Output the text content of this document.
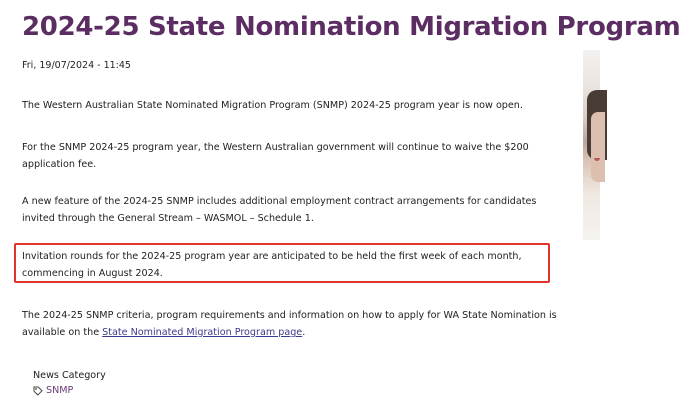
2024-25 State Nomination Migration Program
Fri, 19/07/2024 - 11:45

The Western Australian State Nominated Migration Program (SNMP) 2024-25 program year is now open.

For the SNMP 2024-25 program year, the Western Australian government will continue to waive the $200 application fee.

A new feature of the 2024-25 SNMP includes additional employment contract arrangements for candidates invited through the General Stream – WASMOL – Schedule 1.

Invitation rounds for the 2024-25 program year are anticipated to be held the first week of each month, commencing in August 2024.

The 2024-25 SNMP criteria, program requirements and information on how to apply for WA State Nomination is available on the State Nominated Migration Program page.

News Category
SNMP
